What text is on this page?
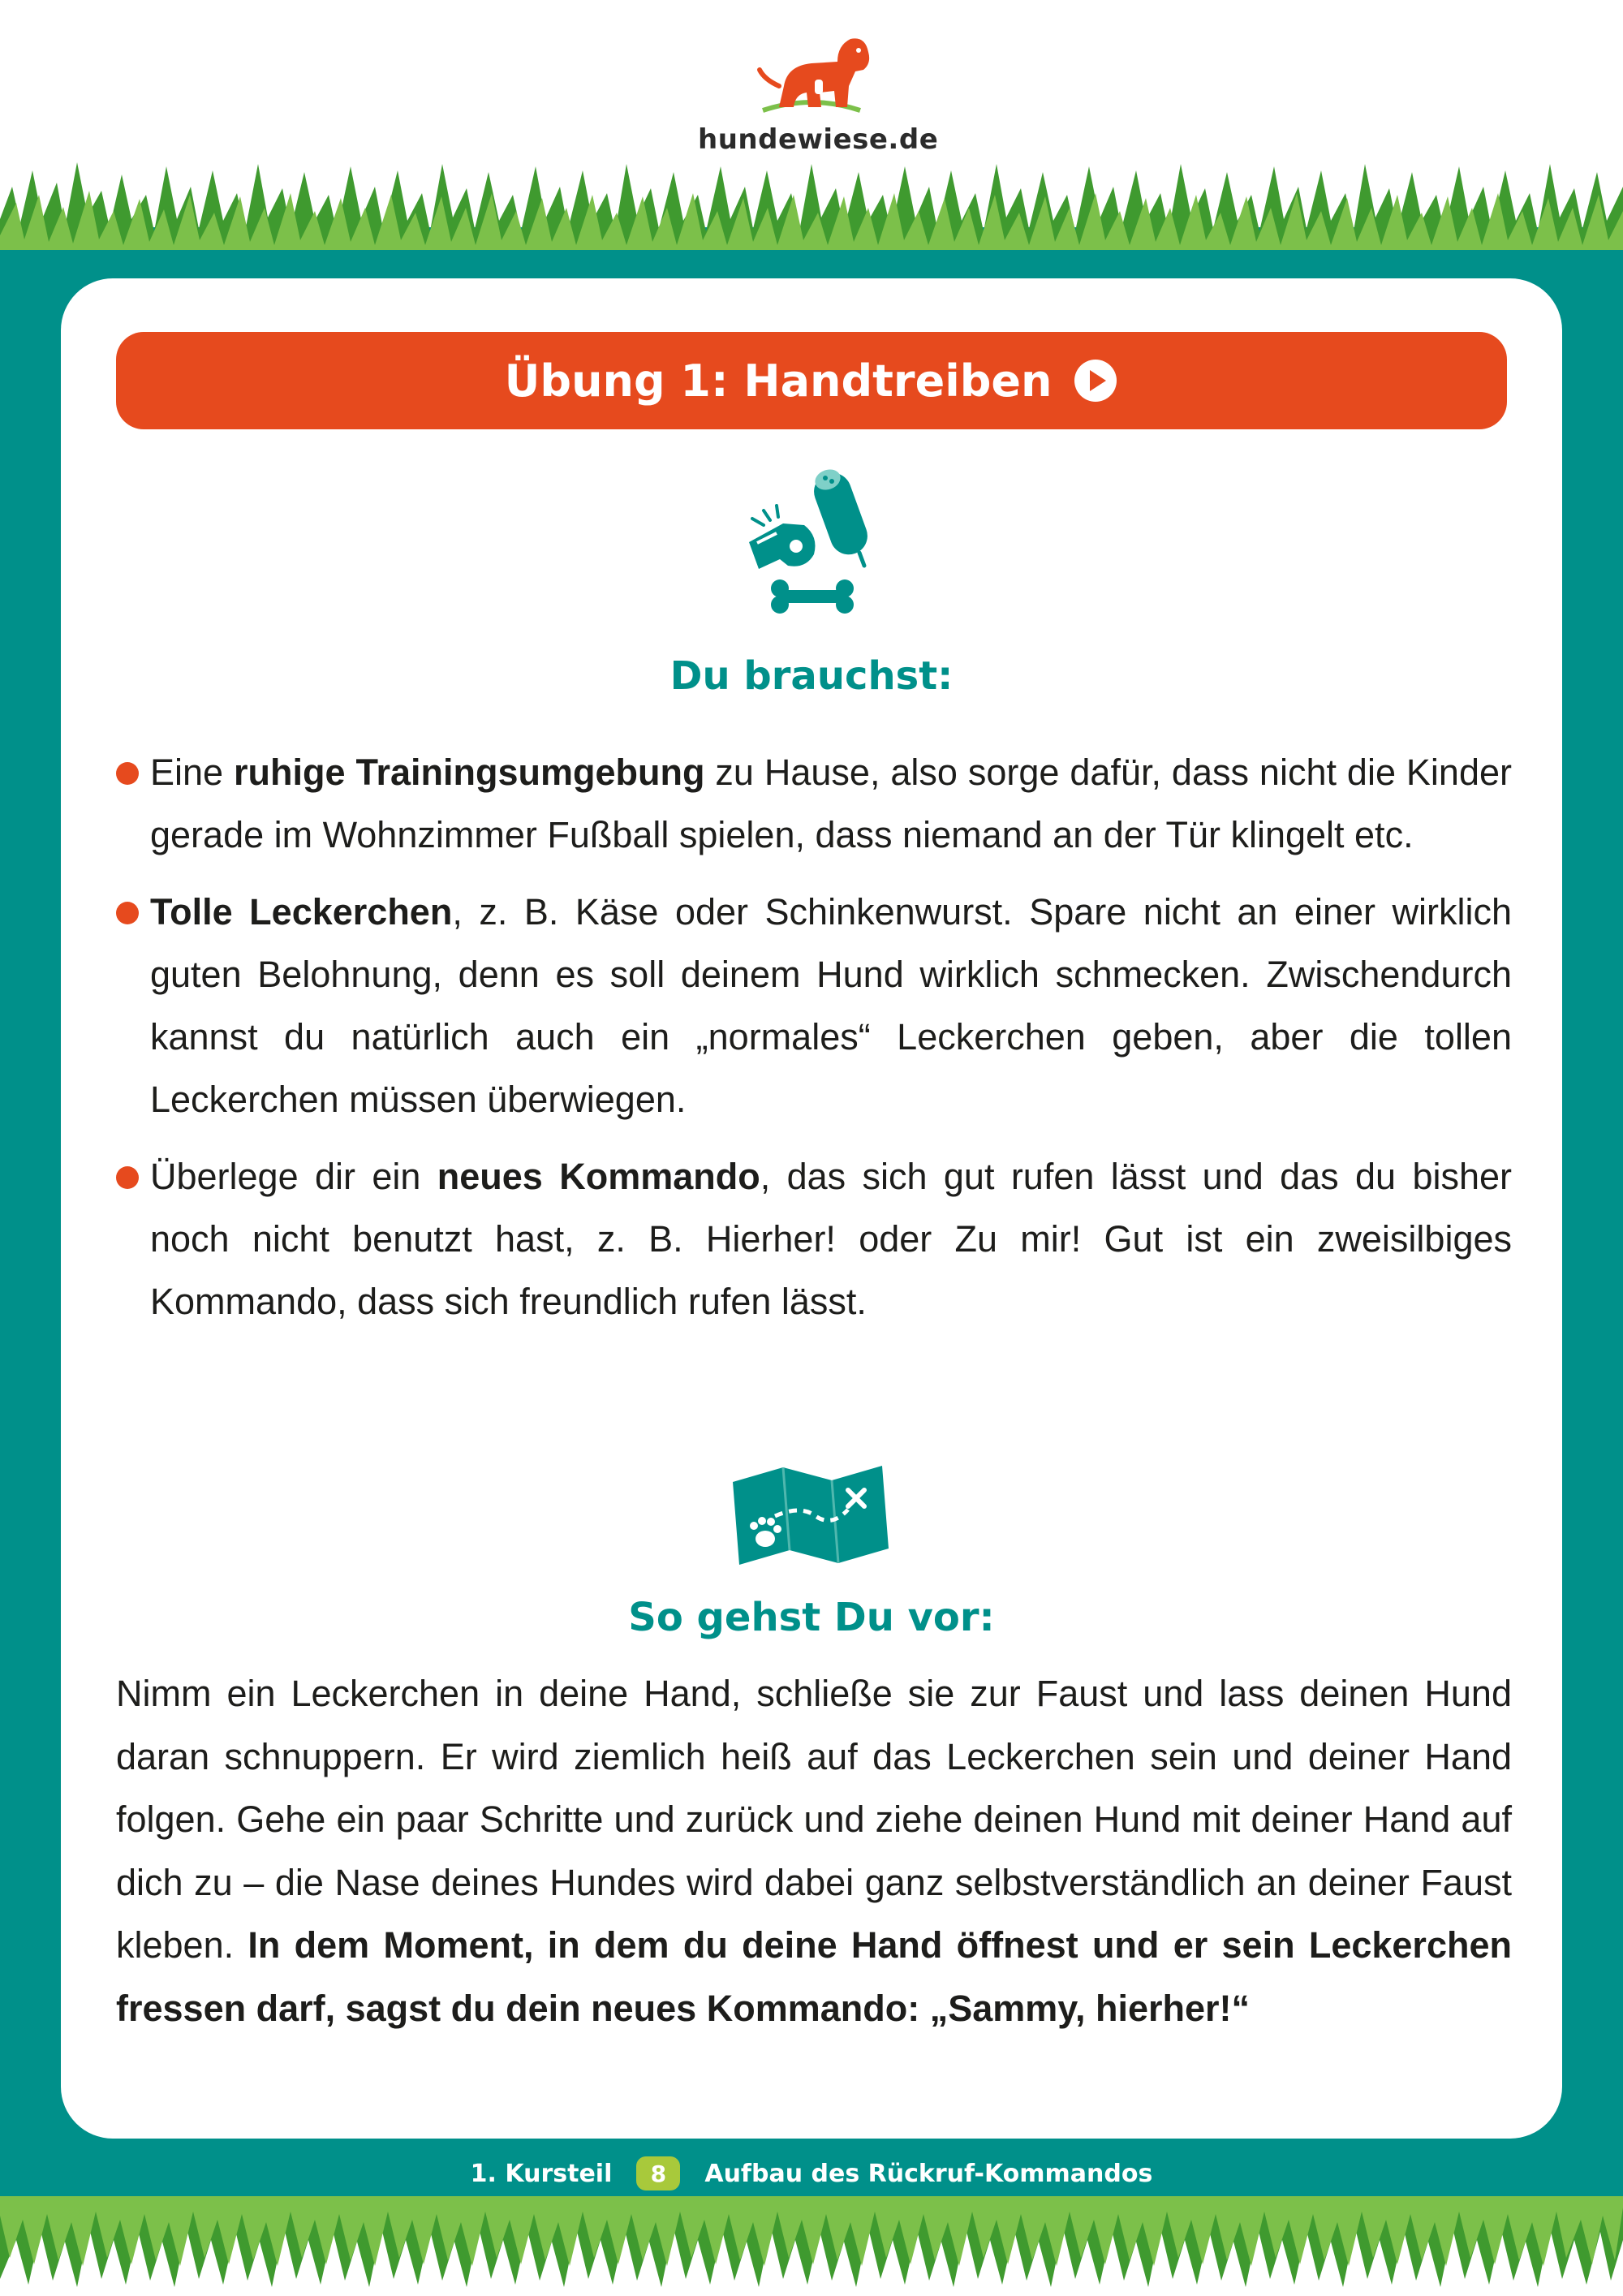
hundewiese.de
Übung 1: Handtreiben
Du brauchst:
Eine ruhige Trainingsumgebung zu Hause, also sorge dafür, dass nicht die Kinder gerade im Wohnzimmer Fußball spielen, dass niemand an der Tür klingelt etc.
Tolle Leckerchen, z. B. Käse oder Schinkenwurst. Spare nicht an einer wirklich guten Belohnung, denn es soll deinem Hund wirklich schmecken. Zwischendurch kannst du natürlich auch ein „normales“ Leckerchen geben, aber die tollen Leckerchen müssen überwiegen.
Überlege dir ein neues Kommando, das sich gut rufen lässt und das du bisher noch nicht benutzt hast, z. B. Hierher! oder Zu mir! Gut ist ein zweisilbiges Kommando, dass sich freundlich rufen lässt.
So gehst Du vor:

Nimm ein Leckerchen in deine Hand, schließe sie zur Faust und lass deinen Hund daran schnuppern. Er wird ziemlich heiß auf das Leckerchen sein und deiner Hand folgen. Gehe ein paar Schritte und zurück und ziehe deinen Hund mit deiner Hand auf dich zu – die Nase deines Hundes wird dabei ganz selbstverständlich an deiner Faust kleben. In dem Moment, in dem du deine Hand öffnest und er sein Leckerchen fressen darf, sagst du dein neues Kommando: „Sammy, hierher!“

1. Kursteil	8	Aufbau des Rückruf-Kommandos
